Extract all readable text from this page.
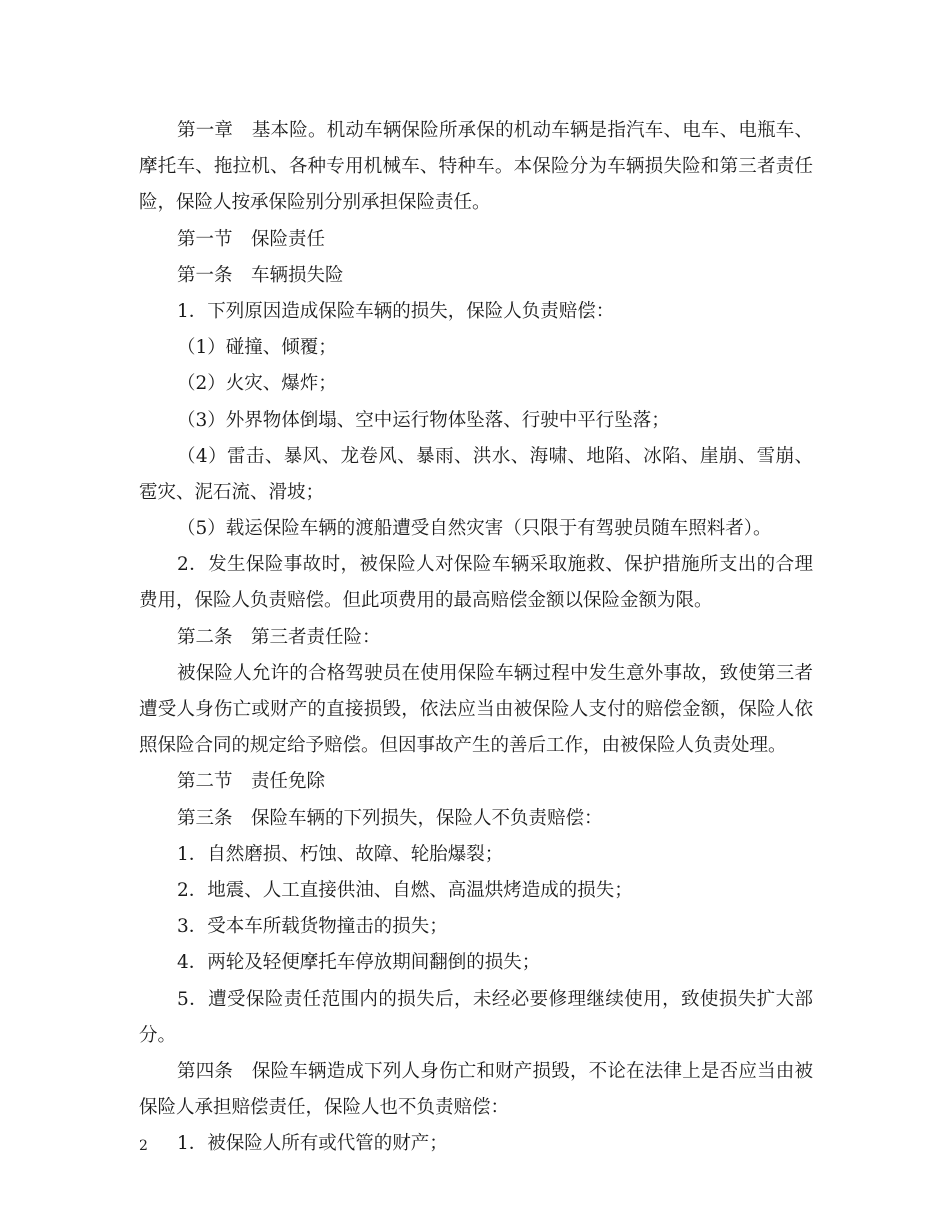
第一章　基本险。机动车辆保险所承保的机动车辆是指汽车、电车、电瓶车、
摩托车、拖拉机、各种专用机械车、特种车。本保险分为车辆损失险和第三者责任
险，保险人按承保险别分别承担保险责任。
第一节　保险责任
第一条　车辆损失险
1．下列原因造成保险车辆的损失，保险人负责赔偿：
（1）碰撞、倾覆；
（2）火灾、爆炸；
（3）外界物体倒塌、空中运行物体坠落、行驶中平行坠落；
（4）雷击、暴风、龙卷风、暴雨、洪水、海啸、地陷、冰陷、崖崩、雪崩、
雹灾、泥石流、滑坡；
（5）载运保险车辆的渡船遭受自然灾害（只限于有驾驶员随车照料者）。
2．发生保险事故时，被保险人对保险车辆采取施救、保护措施所支出的合理
费用，保险人负责赔偿。但此项费用的最高赔偿金额以保险金额为限。
第二条　第三者责任险：
被保险人允许的合格驾驶员在使用保险车辆过程中发生意外事故，致使第三者
遭受人身伤亡或财产的直接损毁，依法应当由被保险人支付的赔偿金额，保险人依
照保险合同的规定给予赔偿。但因事故产生的善后工作，由被保险人负责处理。
第二节　责任免除
第三条　保险车辆的下列损失，保险人不负责赔偿：
1．自然磨损、朽蚀、故障、轮胎爆裂；
2．地震、人工直接供油、自燃、高温烘烤造成的损失；
3．受本车所载货物撞击的损失；
4．两轮及轻便摩托车停放期间翻倒的损失；
5．遭受保险责任范围内的损失后，未经必要修理继续使用，致使损失扩大部
分。
第四条　保险车辆造成下列人身伤亡和财产损毁，不论在法律上是否应当由被
保险人承担赔偿责任，保险人也不负责赔偿：
1．被保险人所有或代管的财产；
2
